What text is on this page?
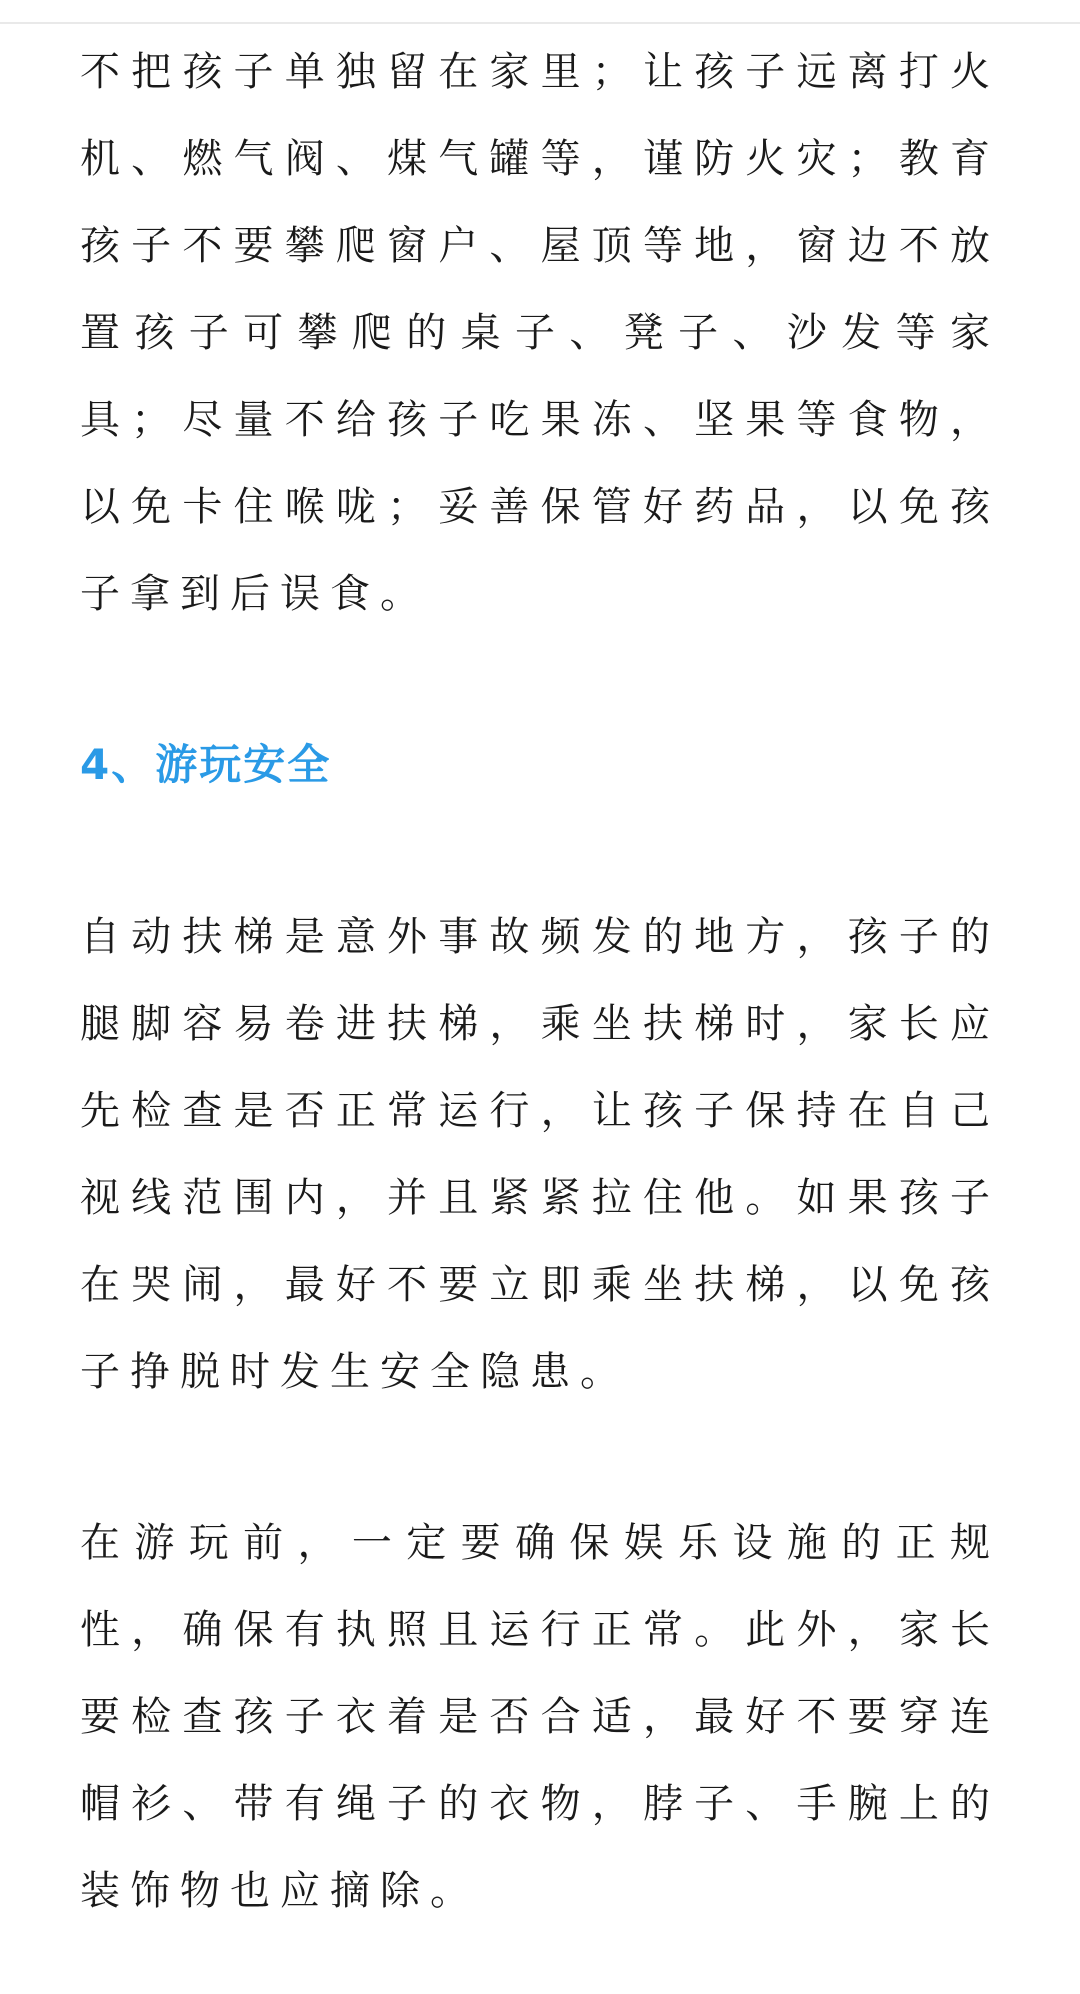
不把孩子单独留在家里；让孩子远离打火机、燃气阀、煤气罐等，谨防火灾；教育孩子不要攀爬窗户、屋顶等地，窗边不放置孩子可攀爬的桌子、凳子、沙发等家具；尽量不给孩子吃果冻、坚果等食物，以免卡住喉咙；妥善保管好药品，以免孩子拿到后误食。

4、游玩安全

自动扶梯是意外事故频发的地方，孩子的腿脚容易卷进扶梯，乘坐扶梯时，家长应先检查是否正常运行，让孩子保持在自己视线范围内，并且紧紧拉住他。如果孩子在哭闹，最好不要立即乘坐扶梯，以免孩子挣脱时发生安全隐患。

在游玩前，一定要确保娱乐设施的正规性，确保有执照且运行正常。此外，家长要检查孩子衣着是否合适，最好不要穿连帽衫、带有绳子的衣物，脖子、手腕上的装饰物也应摘除。
